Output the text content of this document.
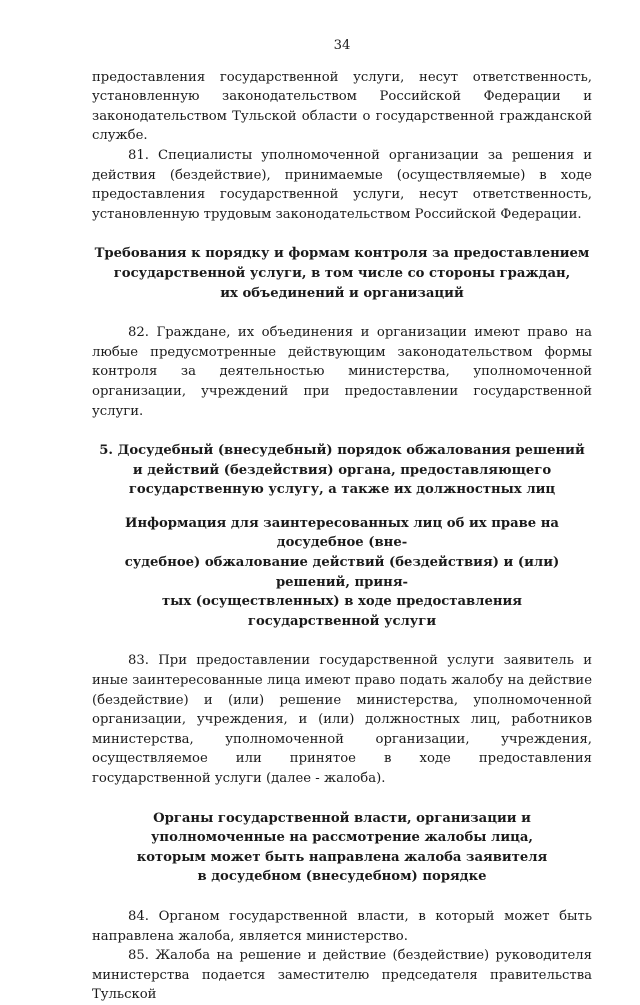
34

предоставления государственной услуги, несут ответственность, установленную законодательством Российской Федерации и законодательством Тульской области о государственной гражданской службе.

81. Специалисты уполномоченной организации за решения и действия (бездействие), принимаемые (осуществляемые) в ходе предоставления государственной услуги, несут ответственность, установленную трудовым законодательством Российской Федерации.

Требования к порядку и формам контроля за предоставлением
государственной услуги, в том числе со стороны граждан,
их объединений и организаций

82. Граждане, их объединения и организации имеют право на любые предусмотренные действующим законодательством формы контроля за деятельностью министерства, уполномоченной организации, учреждений при предоставлении государственной услуги.

5. Досудебный (внесудебный) порядок обжалования решений
и действий (бездействия) органа, предоставляющего
государственную услугу, а также их должностных лиц
Информация для заинтересованных лиц об их праве на досудебное (вне-
судебное) обжалование действий (бездействия) и (или) решений, приня-
тых (осуществленных) в ходе предоставления
государственной услуги

83. При предоставлении государственной услуги заявитель и иные заинтересованные лица имеют право подать жалобу на действие (бездействие) и (или) решение министерства, уполномоченной организации, учреждения, и (или) должностных лиц, работников министерства, уполномоченной организации, учреждения, осуществляемое или принятое в ходе предоставления государственной услуги (далее - жалоба).

Органы государственной власти, организации и
уполномоченные на рассмотрение жалобы лица,
которым может быть направлена жалоба заявителя
в досудебном (внесудебном) порядке

84. Органом государственной власти, в который может быть направлена жалоба, является министерство.

85. Жалоба на решение и действие (бездействие) руководителя министерства подается заместителю председателя правительства Тульской
